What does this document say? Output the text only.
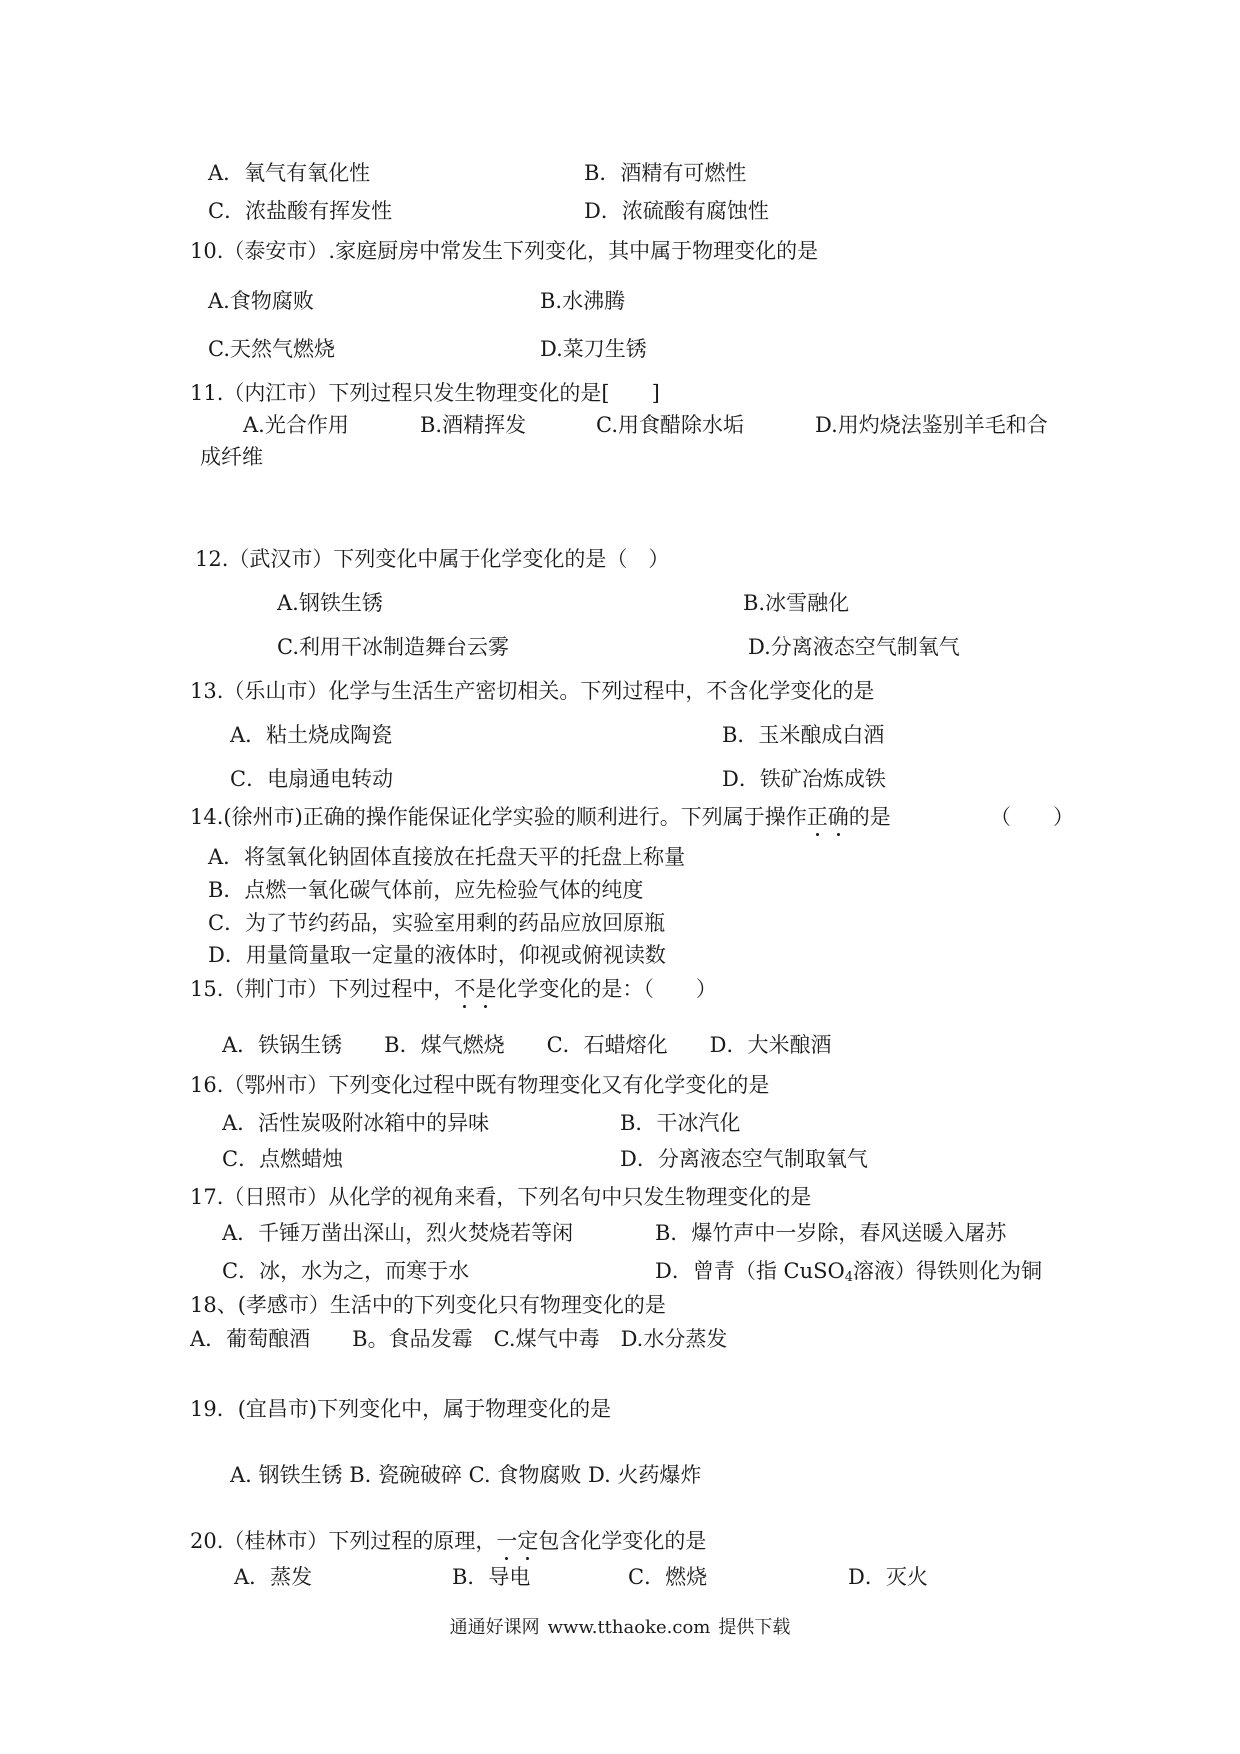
A．氧气有氧化性	B．酒精有可燃性
C．浓盐酸有挥发性	D．浓硫酸有腐蚀性
10.（泰安市）.家庭厨房中常发生下列变化，其中属于物理变化的是
A.食物腐败	B.水沸腾
C.天然气燃烧	D.菜刀生锈
11.（内江市）下列过程只发生物理变化的是[　　]
A.光合作用	B.酒精挥发	C.用食醋除水垢	D.用灼烧法鉴别羊毛和合
成纤维
12.（武汉市）下列变化中属于化学变化的是（　）
A.钢铁生锈	B.冰雪融化
C.利用干冰制造舞台云雾	D.分离液态空气制氧气
13.（乐山市）化学与生活生产密切相关。下列过程中，不含化学变化的是
A．粘土烧成陶瓷	B．玉米酿成白酒
C．电扇通电转动	D．铁矿冶炼成铁
14.(徐州市)正确的操作能保证化学实验的顺利进行。下列属于操作正确的是	（　　）
A．将氢氧化钠固体直接放在托盘天平的托盘上称量
B．点燃一氧化碳气体前，应先检验气体的纯度
C．为了节约药品，实验室用剩的药品应放回原瓶
D．用量筒量取一定量的液体时，仰视或俯视读数
15.（荆门市）下列过程中，不是化学变化的是：（　　）
A．铁锅生锈　　B．煤气燃烧　　C．石蜡熔化　　D．大米酿酒
16.（鄂州市）下列变化过程中既有物理变化又有化学变化的是
A．活性炭吸附冰箱中的异味	B．干冰汽化
C．点燃蜡烛	D．分离液态空气制取氧气
17.（日照市）从化学的视角来看，下列名句中只发生物理变化的是
A．千锤万凿出深山，烈火焚烧若等闲	B．爆竹声中一岁除，春风送暖入屠苏
C．冰，水为之，而寒于水	D．曾青（指 CuSO$_4$溶液）得铁则化为铜
18、(孝感市）生活中的下列变化只有物理变化的是
A．葡萄酿酒　　B。食品发霉　C.煤气中毒　D.水分蒸发
19．(宜昌市)下列变化中，属于物理变化的是
A. 钢铁生锈 B. 瓷碗破碎 C. 食物腐败 D. 火药爆炸
20.（桂林市）下列过程的原理，一定包含化学变化的是
A．蒸发	B．导电	C．燃烧	D．灭火
通通好课网 www.tthaoke.com 提供下载
